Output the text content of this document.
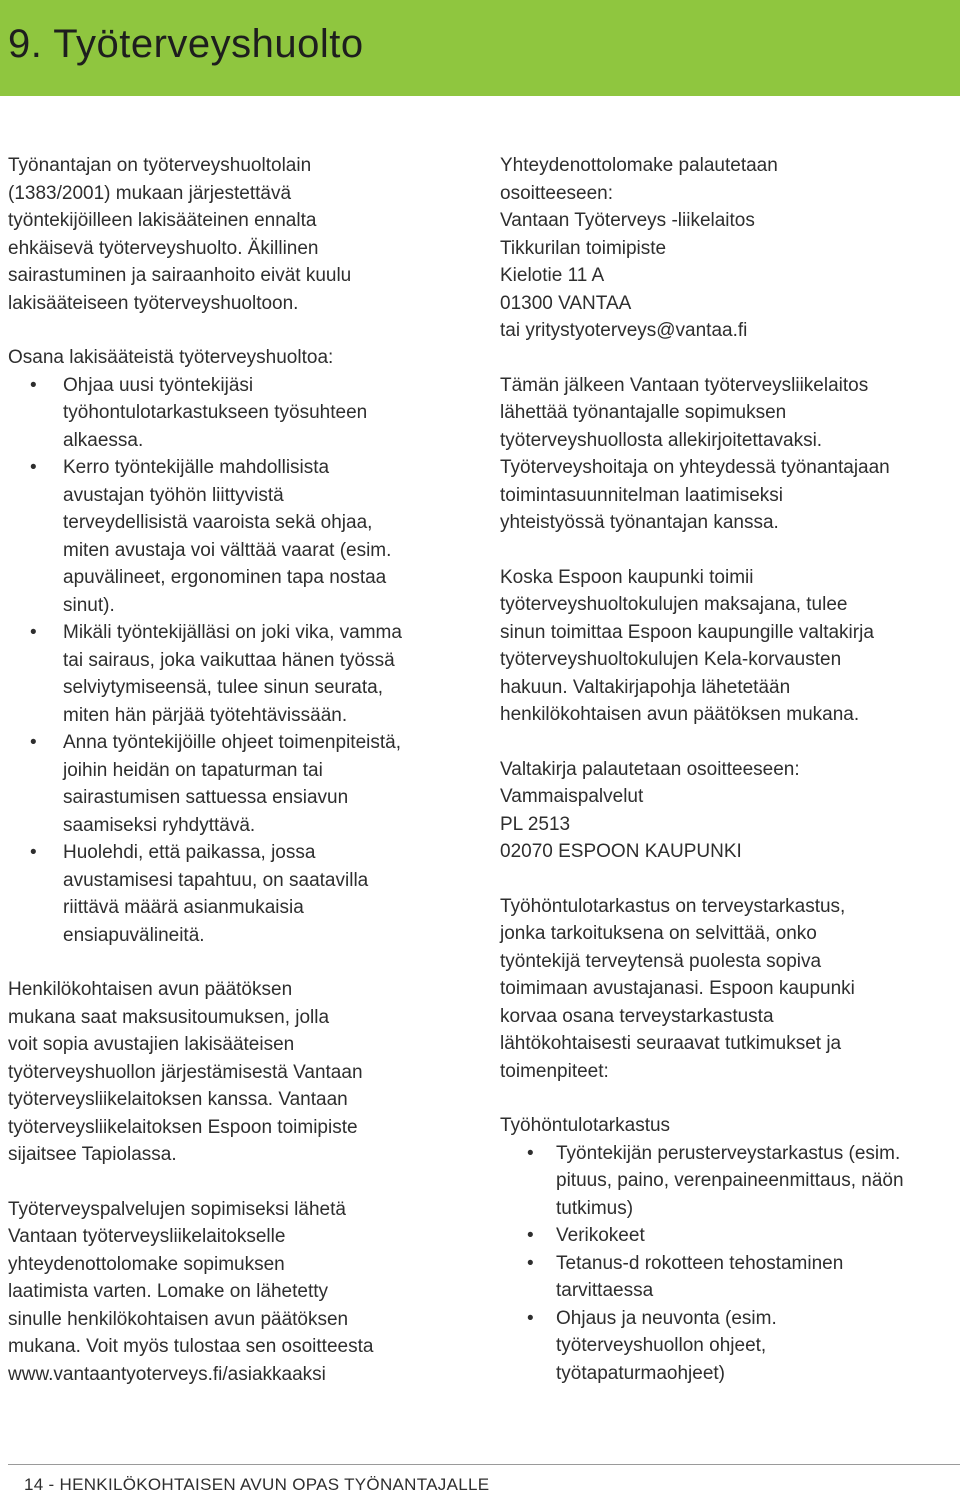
9. Työterveyshuolto

Työnantajan on työterveyshuoltolain
(1383/2001) mukaan järjestettävä
työntekijöilleen lakisääteinen ennalta
ehkäisevä työterveyshuolto. Äkillinen
sairastuminen ja sairaanhoito eivät kuulu
lakisääteiseen työterveyshuoltoon.

Osana lakisääteistä työterveyshuoltoa:

• Ohjaa uusi työntekijäsi
työhontulotarkastukseen työsuhteen
alkaessa.
• Kerro työntekijälle mahdollisista
avustajan työhön liittyvistä
terveydellisistä vaaroista sekä ohjaa,
miten avustaja voi välttää vaarat (esim.
apuvälineet, ergonominen tapa nostaa
sinut).
• Mikäli työntekijälläsi on joki vika, vamma
tai sairaus, joka vaikuttaa hänen työssä
selviytymiseensä, tulee sinun seurata,
miten hän pärjää työtehtävissään.
• Anna työntekijöille ohjeet toimenpiteistä,
joihin heidän on tapaturman tai
sairastumisen sattuessa ensiavun
saamiseksi ryhdyttävä.
• Huolehdi, että paikassa, jossa
avustamisesi tapahtuu, on saatavilla
riittävä määrä asianmukaisia
ensiapuvälineitä.

Henkilökohtaisen avun päätöksen
mukana saat maksusitoumuksen, jolla
voit sopia avustajien lakisääteisen
työterveyshuollon järjestämisestä Vantaan
työterveysliikelaitoksen kanssa. Vantaan
työterveysliikelaitoksen Espoon toimipiste
sijaitsee Tapiolassa.

Työterveyspalvelujen sopimiseksi lähetä
Vantaan työterveysliikelaitokselle
yhteydenottolomake sopimuksen
laatimista varten. Lomake on lähetetty
sinulle henkilökohtaisen avun päätöksen
mukana. Voit myös tulostaa sen osoitteesta
www.vantaantyoterveys.fi/asiakkaaksi

Yhteydenottolomake palautetaan
osoitteeseen:
Vantaan Työterveys -liikelaitos
Tikkurilan toimipiste
Kielotie 11 A
01300 VANTAA
tai yritystyoterveys@vantaa.fi

Tämän jälkeen Vantaan työterveysliikelaitos
lähettää työnantajalle sopimuksen
työterveyshuollosta allekirjoitettavaksi.
Työterveyshoitaja on yhteydessä työnantajaan
toimintasuunnitelman laatimiseksi
yhteistyössä työnantajan kanssa.

Koska Espoon kaupunki toimii
työterveyshuoltokulujen maksajana, tulee
sinun toimittaa Espoon kaupungille valtakirja
työterveyshuoltokulujen Kela-korvausten
hakuun. Valtakirjapohja lähetetään
henkilökohtaisen avun päätöksen mukana.

Valtakirja palautetaan osoitteeseen:
Vammaispalvelut
PL 2513
02070 ESPOON KAUPUNKI

Työhöntulotarkastus on terveystarkastus,
jonka tarkoituksena on selvittää, onko
työntekijä terveytensä puolesta sopiva
toimimaan avustajanasi. Espoon kaupunki
korvaa osana terveystarkastusta
lähtökohtaisesti seuraavat tutkimukset ja
toimenpiteet:

Työhöntulotarkastus

• Työntekijän perusterveystarkastus (esim.
pituus, paino, verenpaineenmittaus, näön
tutkimus)
• Verikokeet
• Tetanus-d rokotteen tehostaminen
tarvittaessa
• Ohjaus ja neuvonta (esim.
työterveyshuollon ohjeet,
työtapaturmaohjeet)
14 - HENKILÖKOHTAISEN AVUN OPAS TYÖNANTAJALLE
